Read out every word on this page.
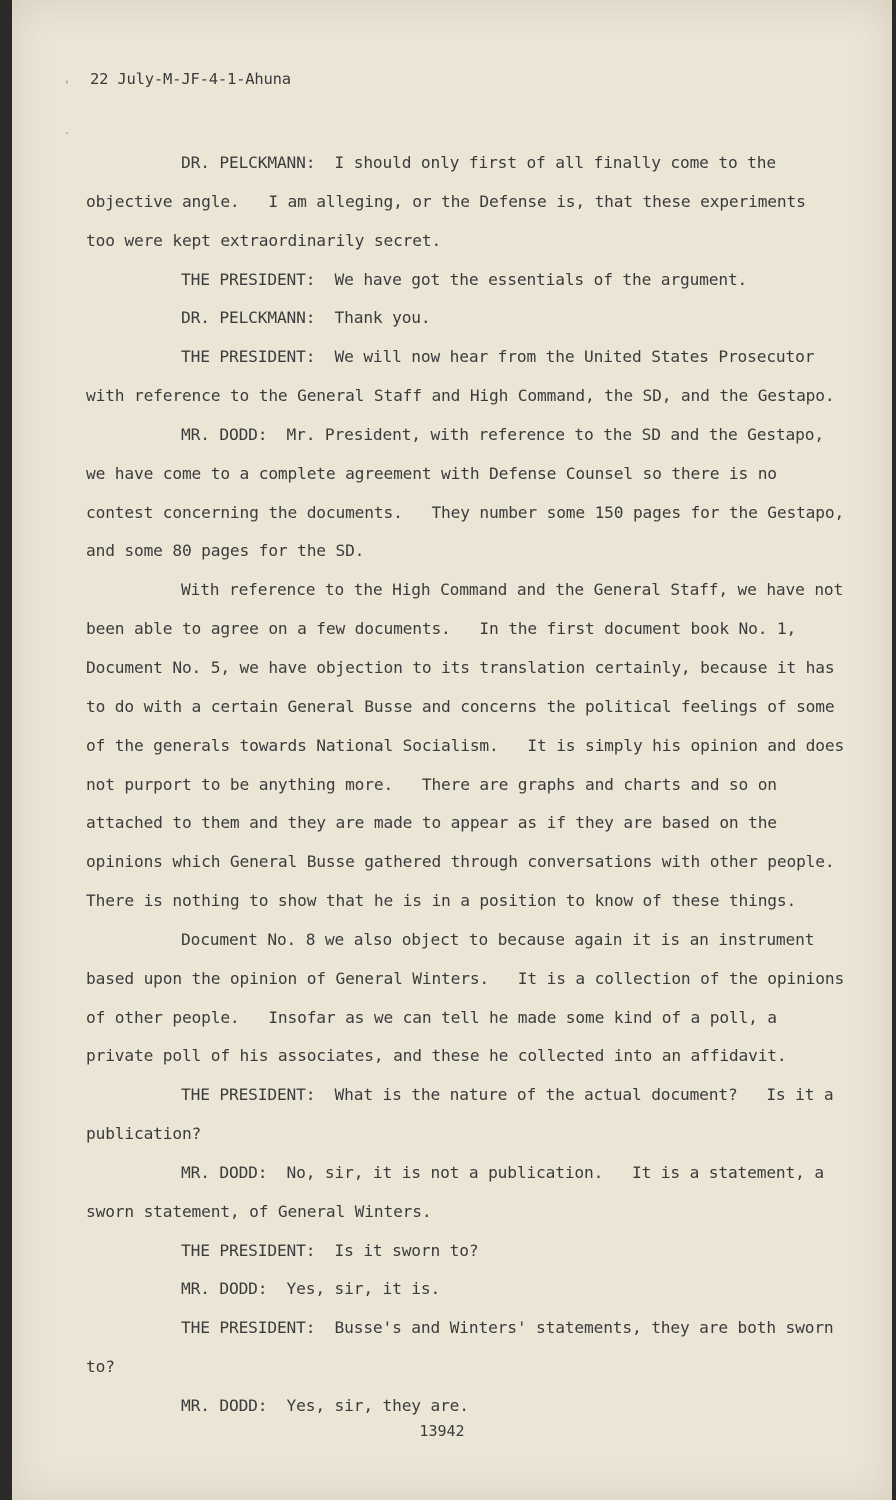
,
-
22 July-M-JF-4-1-Ahuna
DR. PELCKMANN:  I should only first of all finally come to the
objective angle.   I am alleging, or the Defense is, that these experiments
too were kept extraordinarily secret.
THE PRESIDENT:  We have got the essentials of the argument.
DR. PELCKMANN:  Thank you.
THE PRESIDENT:  We will now hear from the United States Prosecutor
with reference to the General Staff and High Command, the SD, and the Gestapo.
MR. DODD:  Mr. President, with reference to the SD and the Gestapo,
we have come to a complete agreement with Defense Counsel so there is no
contest concerning the documents.   They number some 150 pages for the Gestapo,
and some 80 pages for the SD.
With reference to the High Command and the General Staff, we have not
been able to agree on a few documents.   In the first document book No. 1,
Document No. 5, we have objection to its translation certainly, because it has
to do with a certain General Busse and concerns the political feelings of some
of the generals towards National Socialism.   It is simply his opinion and does
not purport to be anything more.   There are graphs and charts and so on
attached to them and they are made to appear as if they are based on the
opinions which General Busse gathered through conversations with other people.
There is nothing to show that he is in a position to know of these things.
Document No. 8 we also object to because again it is an instrument
based upon the opinion of General Winters.   It is a collection of the opinions
of other people.   Insofar as we can tell he made some kind of a poll, a
private poll of his associates, and these he collected into an affidavit.
THE PRESIDENT:  What is the nature of the actual document?   Is it a
publication?
MR. DODD:  No, sir, it is not a publication.   It is a statement, a
sworn statement, of General Winters.
THE PRESIDENT:  Is it sworn to?
MR. DODD:  Yes, sir, it is.
THE PRESIDENT:  Busse's and Winters' statements, they are both sworn
to?
MR. DODD:  Yes, sir, they are.
13942
